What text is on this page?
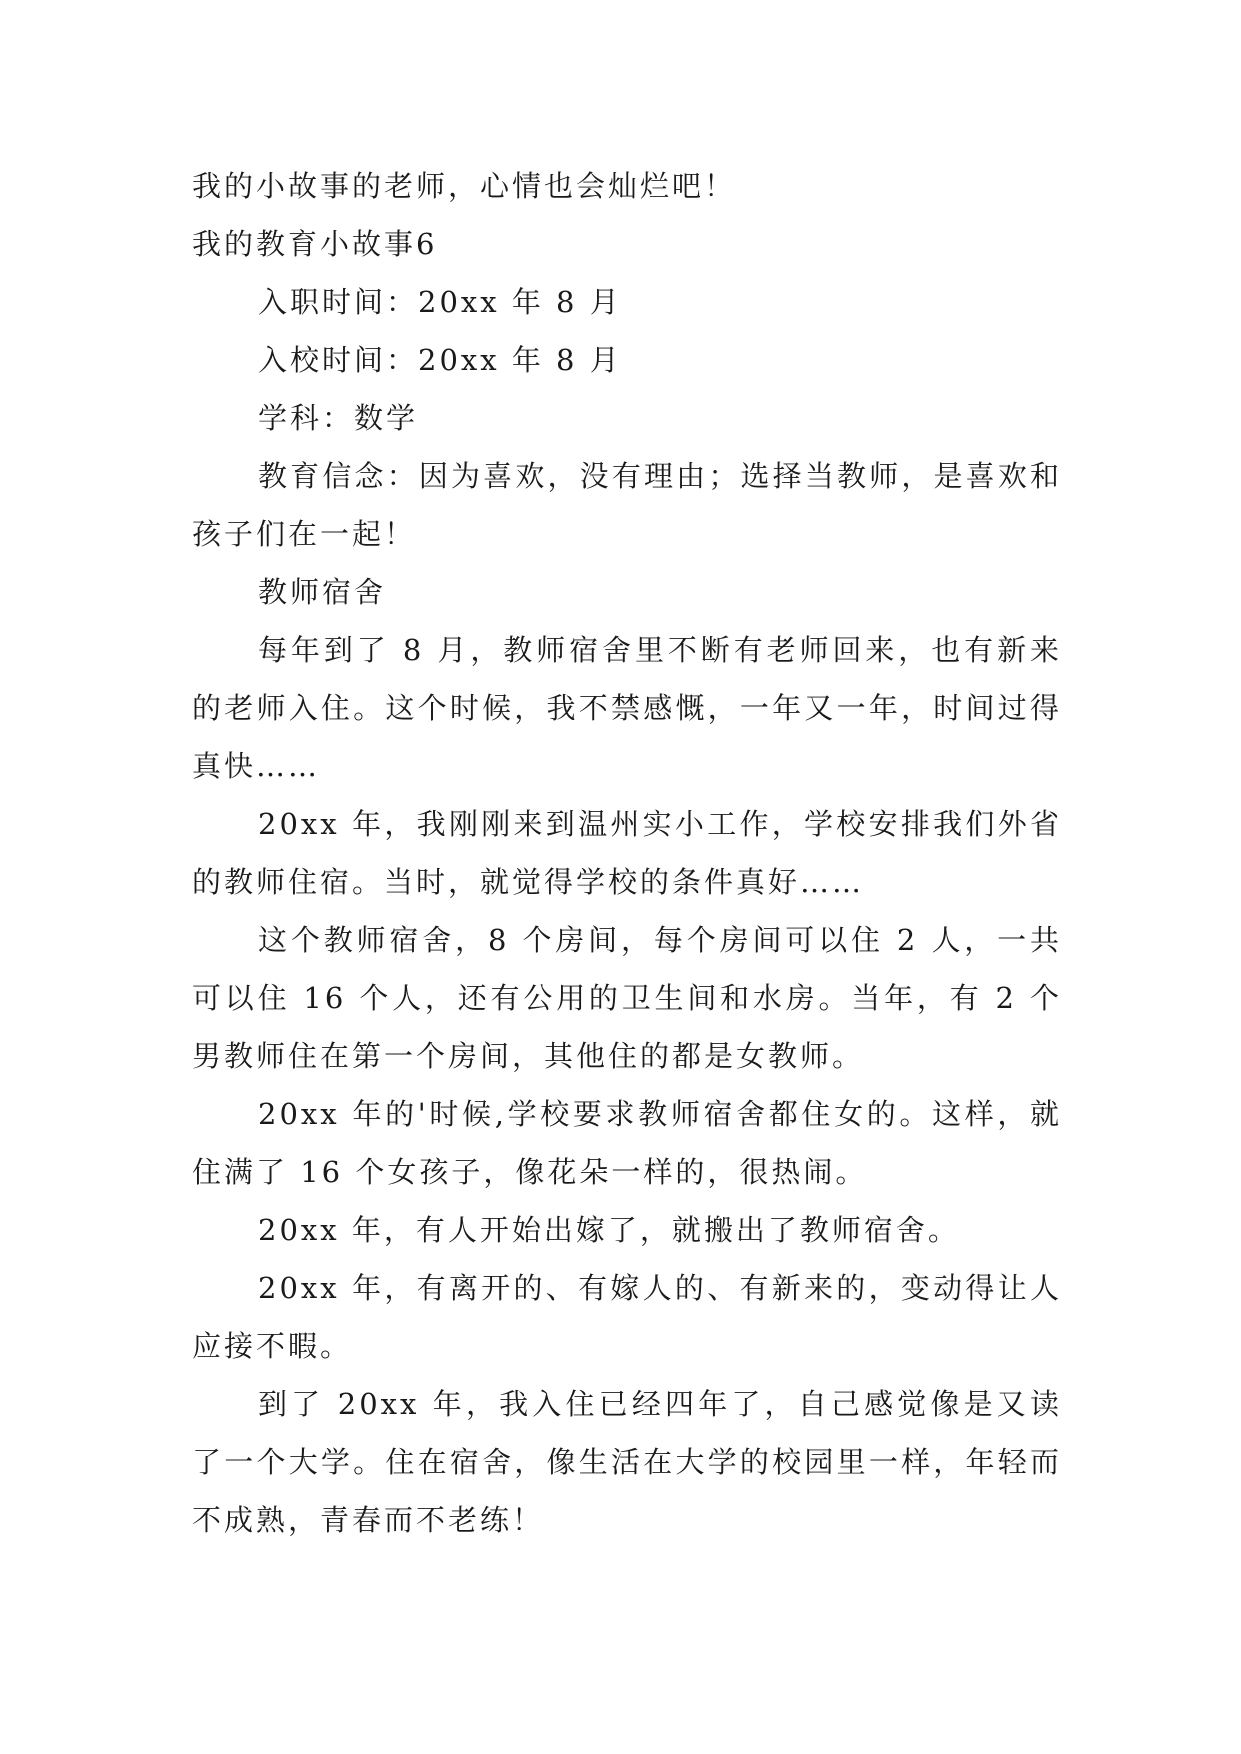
我的小故事的老师，心情也会灿烂吧！

我的教育小故事6

入职时间：20xx 年 8 月

入校时间：20xx 年 8 月

学科：数学

教育信念：因为喜欢，没有理由；选择当教师，是喜欢和孩子们在一起！

教师宿舍

每年到了 8 月，教师宿舍里不断有老师回来，也有新来的老师入住。这个时候，我不禁感慨，一年又一年，时间过得真快……

20xx 年，我刚刚来到温州实小工作，学校安排我们外省的教师住宿。当时，就觉得学校的条件真好……

这个教师宿舍，8 个房间，每个房间可以住 2 人，一共可以住 16 个人，还有公用的卫生间和水房。当年，有 2 个男教师住在第一个房间，其他住的都是女教师。

20xx 年的'时候,学校要求教师宿舍都住女的。这样，就住满了 16 个女孩子，像花朵一样的，很热闹。

20xx 年，有人开始出嫁了，就搬出了教师宿舍。

20xx 年，有离开的、有嫁人的、有新来的，变动得让人应接不暇。

到了 20xx 年，我入住已经四年了，自己感觉像是又读了一个大学。住在宿舍，像生活在大学的校园里一样，年轻而不成熟，青春而不老练！
